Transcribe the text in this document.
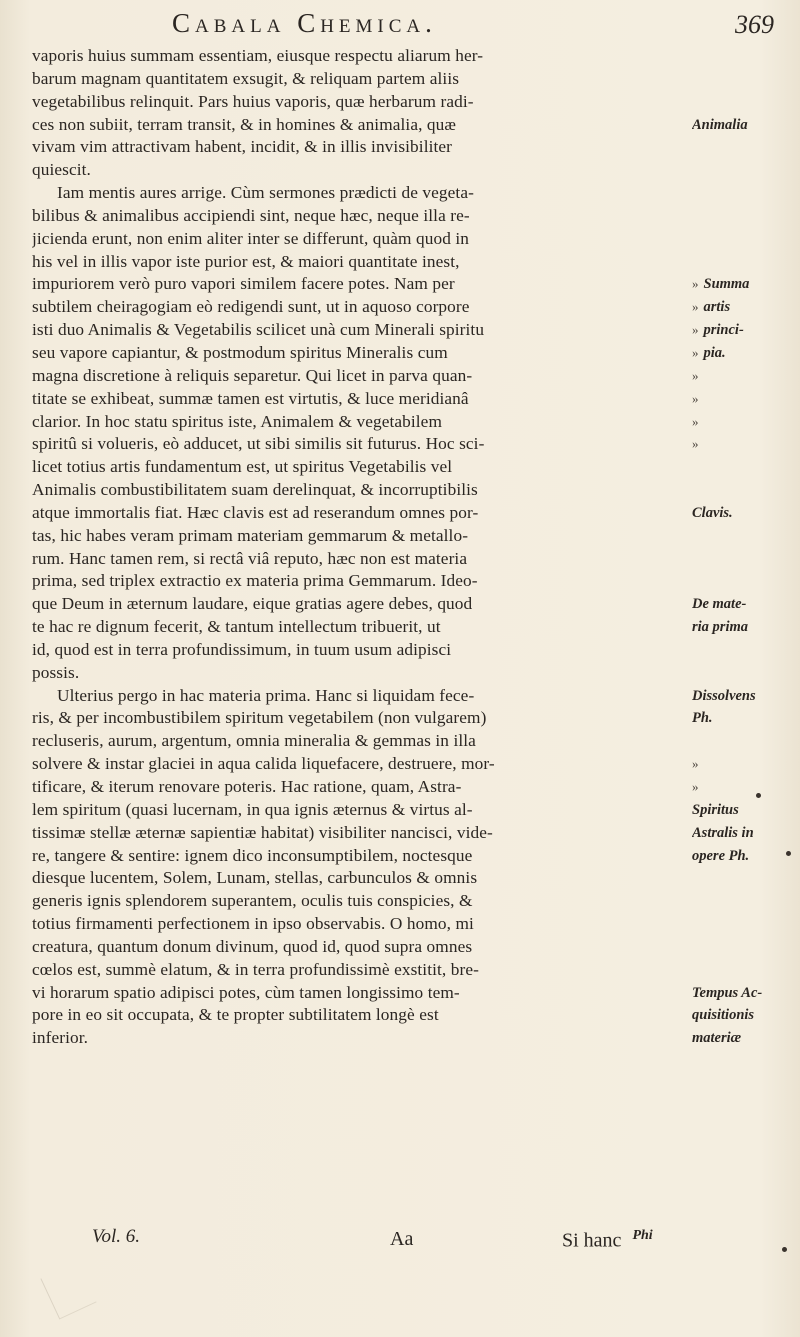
Cabala Chemica.	369
vaporis huius summam essentiam, eiusque respectu aliarum her-
barum magnam quantitatem exsugit, & reliquam partem aliis
vegetabilibus relinquit. Pars huius vaporis, quæ herbarum radi-
ces non subiit, terram transit, & in homines & animalia, quæ
vivam vim attractivam habent, incidit, & in illis invisibiliter
quiescit.
Iam mentis aures arrige. Cùm sermones prædicti de vegeta-
bilibus & animalibus accipiendi sint, neque hæc, neque illa re-
jicienda erunt, non enim aliter inter se differunt, quàm quod in
his vel in illis vapor iste purior est, & maiori quantitate inest,
impuriorem verò puro vapori similem facere potes. Nam per
subtilem cheiragogiam eò redigendi sunt, ut in aquoso corpore
isti duo Animalis & Vegetabilis scilicet unà cum Minerali spiritu
seu vapore capiantur, & postmodum spiritus Mineralis cum
magna discretione à reliquis separetur. Qui licet in parva quan-
titate se exhibeat, summæ tamen est virtutis, & luce meridianâ
clarior. In hoc statu spiritus iste, Animalem & vegetabilem
spiritû si volueris, eò adducet, ut sibi similis sit futurus. Hoc sci-
licet totius artis fundamentum est, ut spiritus Vegetabilis vel
Animalis combustibilitatem suam derelinquat, & incorruptibilis
atque immortalis fiat. Hæc clavis est ad reserandum omnes por-
tas, hic habes veram primam materiam gemmarum & metallo-
rum. Hanc tamen rem, si rectâ viâ reputo, hæc non est materia
prima, sed triplex extractio ex materia prima Gemmarum. Ideo-
que Deum in æternum laudare, eique gratias agere debes, quod
te hac re dignum fecerit, & tantum intellectum tribuerit, ut
id, quod est in terra profundissimum, in tuum usum adipisci
possis.
Ulterius pergo in hac materia prima. Hanc si liquidam fece-
ris, & per incombustibilem spiritum vegetabilem (non vulgarem)
recluseris, aurum, argentum, omnia mineralia & gemmas in illa
solvere & instar glaciei in aqua calida liquefacere, destruere, mor-
tificare, & iterum renovare poteris. Hac ratione, quam, Astra-
lem spiritum (quasi lucernam, in qua ignis æternus & virtus al-
tissimæ stellæ æternæ sapientiæ habitat) visibiliter nancisci, vide-
re, tangere & sentire: ignem dico inconsumptibilem, noctesque
diesque lucentem, Solem, Lunam, stellas, carbunculos & omnis
generis ignis splendorem superantem, oculis tuis conspicies, &
totius firmamenti perfectionem in ipso observabis. O homo, mi
creatura, quantum donum divinum, quod id, quod supra omnes
cœlos est, summè elatum, & in terra profundissimè exstitit, bre-
vi horarum spatio adipisci potes, cùm tamen longissimo tem-
pore in eo sit occupata, & te propter subtilitatem longè est
inferior.
Animalia
» Summa
» artis
» princi-
» pia.
»
»
»
»
Clavis.
De mate-
ria prima
Dissolvens
Ph.
»
»
Spiritus
Astralis in
opere Ph.
Tempus Ac-
quisitionis
materiæ
Vol. 6.	Aa	Si hanc $^{Phi}$
